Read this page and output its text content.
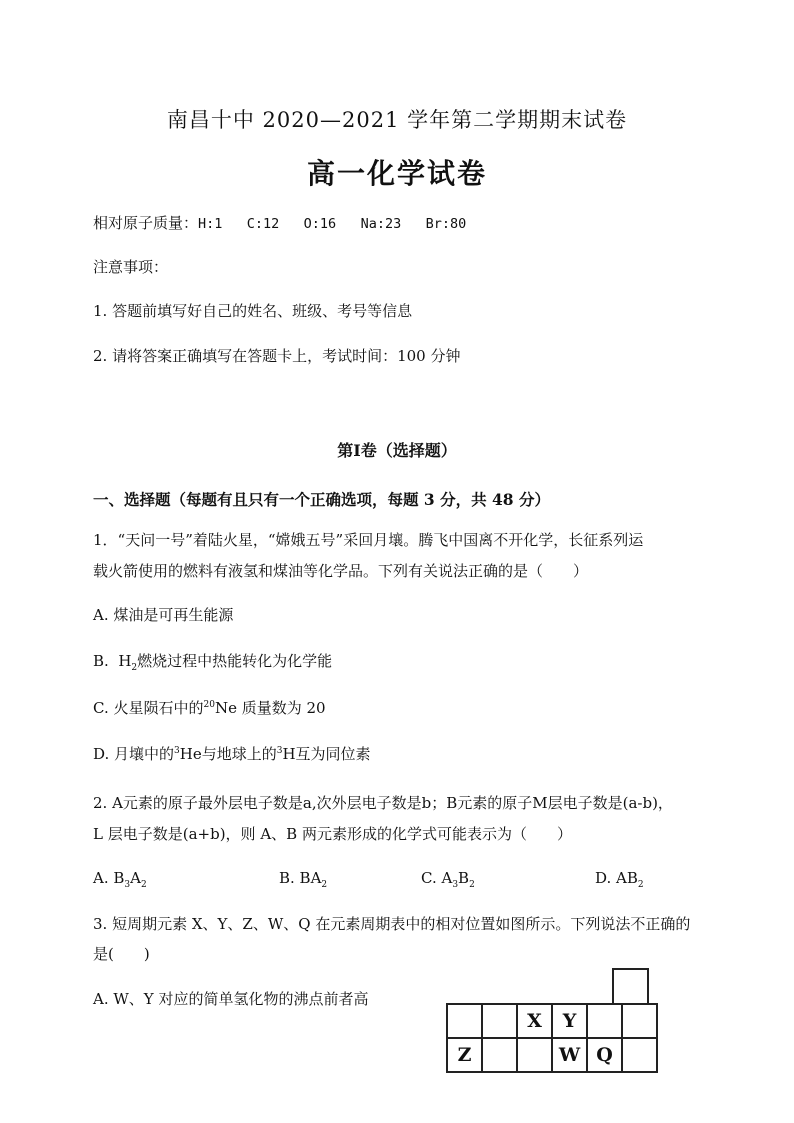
南昌十中 2020—2021 学年第二学期期末试卷
高一化学试卷
相对原子质量：H:1   C:12   O:16   Na:23   Br:80
注意事项：
1. 答题前填写好自己的姓名、班级、考号等信息
2. 请将答案正确填写在答题卡上，考试时间：100 分钟
第Ⅰ卷（选择题）
一、选择题（每题有且只有一个正确选项，每题 3 分，共 48 分）
1．“天问一号”着陆火星，“嫦娥五号”采回月壤。腾飞中国离不开化学，长征系列运
载火箭使用的燃料有液氢和煤油等化学品。下列有关说法正确的是（　　）
A. 煤油是可再生能源
B.  $H_2$燃烧过程中热能转化为化学能
C. 火星陨石中的$^{20}$Ne 质量数为 20
D. 月壤中的$^3$He与地球上的$^3$H互为同位素
2. A元素的原子最外层电子数是a,次外层电子数是b；B元素的原子M层电子数是(a-b)，
L 层电子数是(a+b)，则 A、B 两元素形成的化学式可能表示为（　　）
A. $B_3A_2$	B. $BA_2$	C. $A_3B_2$	D. $AB_2$
3. 短周期元素 X、Y、Z、W、Q 在元素周期表中的相对位置如图所示。下列说法不正确的
是(　　)
A. W、Y 对应的简单氢化物的沸点前者高
		X	Y		
Z			W	Q	
